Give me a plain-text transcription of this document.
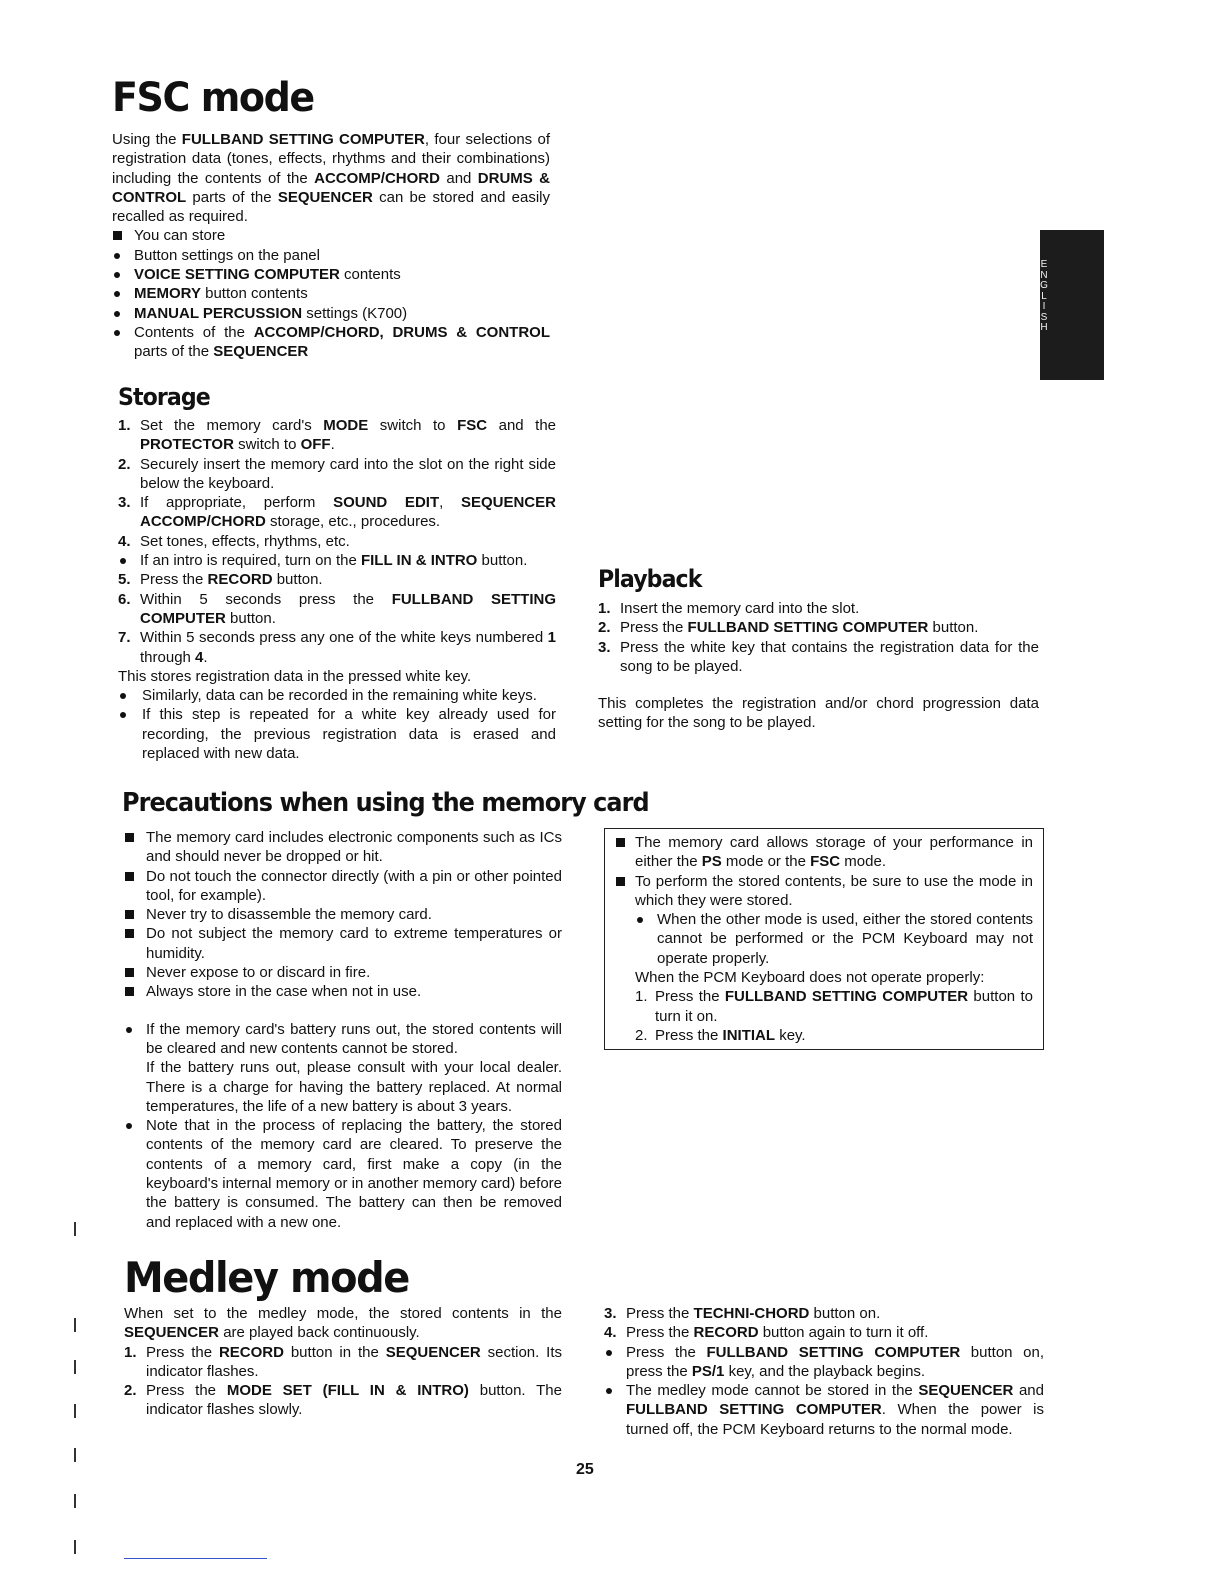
E
N
G
L
I
S
H
FSC mode

Using the FULLBAND SETTING COMPUTER, four selections of registration data (tones, effects, rhythms and their combinations) including the contents of the ACCOMP/CHORD and DRUMS & CONTROL parts of the SEQUENCER can be stored and easily recalled as required.

You can store

Button settings on the panel

VOICE SETTING COMPUTER contents

MEMORY button contents

MANUAL PERCUSSION settings (K700)

Contents of the ACCOMP/CHORD, DRUMS & CONTROL parts of the SEQUENCER

Storage
1. Set the memory card's MODE switch to FSC and the PROTECTOR switch to OFF.

2. Securely insert the memory card into the slot on the right side below the keyboard.

3. If appropriate, perform SOUND EDIT, SEQUENCER ACCOMP/CHORD storage, etc., procedures.

4. Set tones, effects, rhythms, etc.

If an intro is required, turn on the FILL IN & INTRO button.

5. Press the RECORD button.

6. Within 5 seconds press the FULLBAND SETTING COMPUTER button.

7. Within 5 seconds press any one of the white keys numbered 1 through 4.

This stores registration data in the pressed white key.

Similarly, data can be recorded in the remaining white keys.

If this step is repeated for a white key already used for recording, the previous registration data is erased and replaced with new data.

Playback
1. Insert the memory card into the slot.

2. Press the FULLBAND SETTING COMPUTER button.

3. Press the white key that contains the registration data for the song to be played.

This completes the registration and/or chord progression data setting for the song to be played.

Precautions when using the memory card

The memory card includes electronic components such as ICs and should never be dropped or hit.

Do not touch the connector directly (with a pin or other pointed tool, for example).

Never try to disassemble the memory card.

Do not subject the memory card to extreme temperatures or humidity.

Never expose to or discard in fire.

Always store in the case when not in use.

If the memory card's battery runs out, the stored contents will be cleared and new contents cannot be stored.

If the battery runs out, please consult with your local dealer. There is a charge for having the battery replaced. At normal temperatures, the life of a new battery is about 3 years.

Note that in the process of replacing the battery, the stored contents of the memory card are cleared. To preserve the contents of a memory card, first make a copy (in the keyboard's internal memory or in another memory card) before the battery is consumed. The battery can then be removed and replaced with a new one.

The memory card allows storage of your performance in either the PS mode or the FSC mode.

To perform the stored contents, be sure to use the mode in which they were stored.

When the other mode is used, either the stored contents cannot be performed or the PCM Keyboard may not operate properly.

When the PCM Keyboard does not operate properly:
1. Press the FULLBAND SETTING COMPUTER button to turn it on.

2. Press the INITIAL key.

Medley mode

When set to the medley mode, the stored contents in the SEQUENCER are played back continuously.

1. Press the RECORD button in the SEQUENCER section. Its indicator flashes.

2. Press the MODE SET (FILL IN & INTRO) button. The indicator flashes slowly.

3. Press the TECHNI-CHORD button on.

4. Press the RECORD button again to turn it off.

Press the FULLBAND SETTING COMPUTER button on, press the PS/1 key, and the playback begins.

The medley mode cannot be stored in the SEQUENCER and FULLBAND SETTING COMPUTER. When the power is turned off, the PCM Keyboard returns to the normal mode.

25
